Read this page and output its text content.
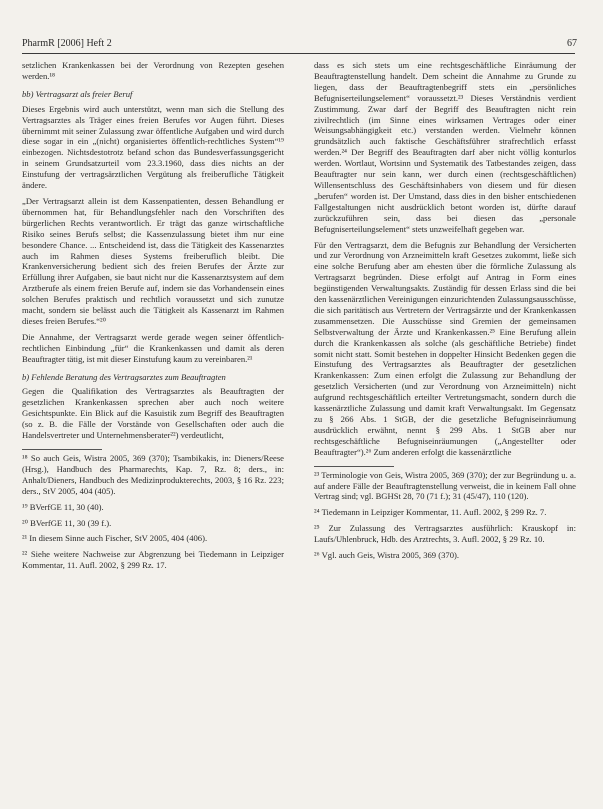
PharmR [2006] Heft 2	67

setzlichen Krankenkassen bei der Verordnung von Rezepten gesehen werden.¹⁸

bb) Vertragsarzt als freier Beruf

Dieses Ergebnis wird auch unterstützt, wenn man sich die Stellung des Vertragsarztes als Träger eines freien Berufes vor Augen führt. Dieses übernimmt mit seiner Zulassung zwar öffentliche Aufgaben und wird durch diese sogar in ein „(nicht) organisiertes öffentlich-rechtliches System“¹⁹ einbezogen. Nichtsdestotrotz befand schon das Bundesverfassungsgericht in seinem Grundsatzurteil vom 23.3.1960, dass dies nichts an der Einstufung der vertragsärztlichen Vergütung als freiberufliche Tätigkeit ändere.

„Der Vertragsarzt allein ist dem Kassenpatienten, dessen Behandlung er übernommen hat, für Behandlungsfehler nach den Vorschriften des bürgerlichen Rechts verantwortlich. Er trägt das ganze wirtschaftliche Risiko seines Berufs selbst; die Kassenzulassung bietet ihm nur eine besondere Chance. ... Entscheidend ist, dass die Tätigkeit des Kassenarztes auch im Rahmen dieses Systems freiberuflich bleibt. Die Krankenversicherung bedient sich des freien Berufes der Ärzte zur Erfüllung ihrer Aufgaben, sie baut nicht nur die Kassenarztsystem auf dem Arztberufe als einem freien Berufe auf, indem sie das Vorhandensein eines solchen Berufes praktisch und rechtlich voraussetzt und sich zunutze macht, sondern sie belässt auch die Tätigkeit als Kassenarzt im Rahmen dieses freien Berufes.“²⁰

Die Annahme, der Vertragsarzt werde gerade wegen seiner öffentlich-rechtlichen Einbindung „für“ die Krankenkassen und damit als deren Beauftragter tätig, ist mit dieser Einstufung kaum zu vereinbaren.²¹

b) Fehlende Beratung des Vertragsarztes zum Beauftragten

Gegen die Qualifikation des Vertragsarztes als Beauftragten der gesetzlichen Krankenkassen sprechen aber auch noch weitere Gesichtspunkte. Ein Blick auf die Kasuistik zum Begriff des Beauftragten (so z. B. die Fälle der Vorstände von Gesellschaften oder auch die Handelsvertreter und Unternehmensberater²²) verdeutlicht,

¹⁸ So auch Geis, Wistra 2005, 369 (370); Tsambikakis, in: Dieners/Reese (Hrsg.), Handbuch des Pharmarechts, Kap. 7, Rz. 8; ders., in: Anhalt/Dieners, Handbuch des Medizinprodukterechts, 2003, § 16 Rz. 223; ders., StV 2005, 404 (405).

¹⁹ BVerfGE 11, 30 (40).

²⁰ BVerfGE 11, 30 (39 f.).

²¹ In diesem Sinne auch Fischer, StV 2005, 404 (406).

²² Siehe weitere Nachweise zur Abgrenzung bei Tiedemann in Leipziger Kommentar, 11. Aufl. 2002, § 299 Rz. 17.

dass es sich stets um eine rechtsgeschäftliche Einräumung der Beauftragtenstellung handelt. Dem scheint die Annahme zu Grunde zu liegen, dass der Beauftragtenbegriff stets ein „persönliches Befugniserteilungselement“ voraussetzt.²³ Dieses Verständnis verdient Zustimmung. Zwar darf der Begriff des Beauftragten nicht rein zivilrechtlich (im Sinne eines wirksamen Vertrages oder einer Weisungsabhängigkeit etc.) verstanden werden. Vielmehr können grundsätzlich auch faktische Geschäftsführer strafrechtlich erfasst werden.²⁴ Der Begriff des Beauftragten darf aber nicht völlig konturlos werden. Wortlaut, Wortsinn und Systematik des Tatbestandes zeigen, dass Beauftragter nur sein kann, wer durch einen (rechtsgeschäftlichen) Willensentschluss des Geschäftsinhabers von diesem und für diesen „berufen“ worden ist. Der Umstand, dass dies in den bisher entschiedenen Fallgestaltungen nicht ausdrücklich betont worden ist, dürfte darauf zurückzuführen sein, dass bei diesen das „personale Befugniserteilungselement“ stets unzweifelhaft gegeben war.

Für den Vertragsarzt, dem die Befugnis zur Behandlung der Versicherten und zur Verordnung von Arzneimitteln kraft Gesetzes zukommt, ließe sich eine solche Berufung aber am ehesten über die förmliche Zulassung als Vertragsarzt begründen. Diese erfolgt auf Antrag in Form eines begünstigenden Verwaltungsakts. Zuständig für dessen Erlass sind die bei den kassenärztlichen Vereinigungen einzurichtenden Zulassungsausschüsse, die sich paritätisch aus Vertretern der Vertragsärzte und der Krankenkassen zusammensetzen. Die Ausschüsse sind Gremien der gemeinsamen Selbstverwaltung der Ärzte und Krankenkassen.²⁵ Eine Berufung allein durch die Krankenkassen als solche (als geschäftliche Betriebe) findet somit nicht statt. Somit bestehen in doppelter Hinsicht Bedenken gegen die Einstufung des Vertragsarztes als Beauftragter der gesetzlichen Krankenkassen: Zum einen erfolgt die Zulassung zur Behandlung der gesetzlich Versicherten (und zur Verordnung von Arzneimitteln) nicht aufgrund rechtsgeschäftlich erteilter Vertretungsmacht, sondern durch die kassenärztliche Zulassung und damit kraft Verwaltungsakt. Im Gegensatz zu § 266 Abs. 1 StGB, der die gesetzliche Befugniseinräumung ausdrücklich erwähnt, nennt § 299 Abs. 1 StGB aber nur rechtsgeschäftliche Befugniseinräumungen („Angestellter oder Beauftragter“).²⁶ Zum anderen erfolgt die kassenärztliche

²³ Terminologie von Geis, Wistra 2005, 369 (370); der zur Begründung u. a. auf andere Fälle der Beauftragtenstellung verweist, die in keinem Fall ohne Vertrag sind; vgl. BGHSt 28, 70 (71 f.); 31 (45/47), 110 (120).

²⁴ Tiedemann in Leipziger Kommentar, 11. Aufl. 2002, § 299 Rz. 7.

²⁵ Zur Zulassung des Vertragsarztes ausführlich: Krauskopf in: Laufs/Uhlenbruck, Hdb. des Arztrechts, 3. Aufl. 2002, § 29 Rz. 10.

²⁶ Vgl. auch Geis, Wistra 2005, 369 (370).
